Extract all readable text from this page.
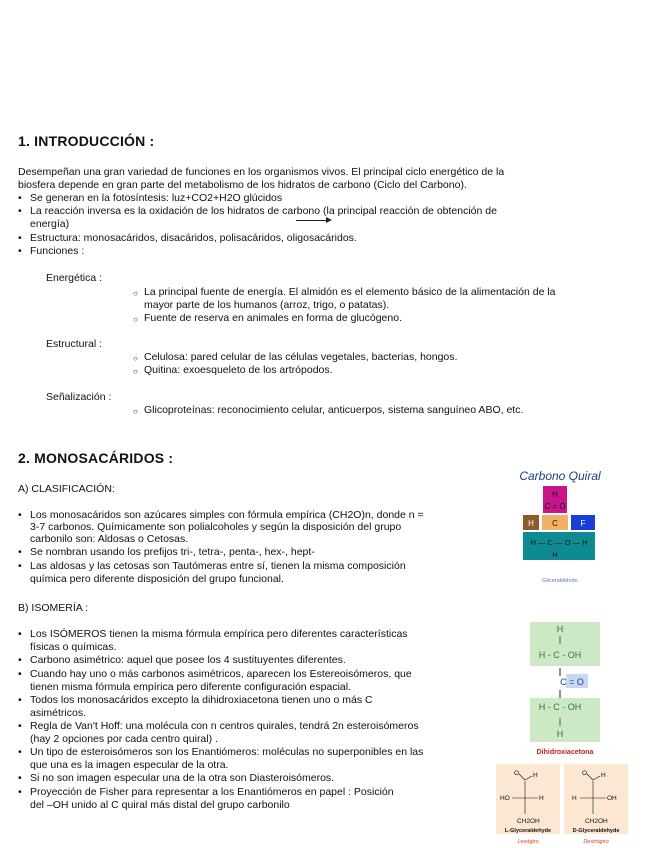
1. INTRODUCCIÓN :
Desempeñan una gran variedad de funciones en los organismos vivos. El principal ciclo energético de la
biosfera depende en gran parte del metabolismo de los hidratos de carbono (Ciclo del Carbono).
• Se generan en la fotosíntesis: luz+CO2+H2O glúcidos
• La reacción inversa es la oxidación de los hidratos de carbono (la principal reacción de obtención de
energía)
• Estructura: monosacáridos, disacáridos, polisacáridos, oligosacáridos.
• Funciones :
Energética :
○ La principal fuente de energía. El almidón es el elemento básico de la alimentación de la
mayor parte de los humanos (arroz, trigo, o patatas).
○ Fuente de reserva en animales en forma de glucógeno.
Estructural :
○ Celulosa: pared celular de las células vegetales, bacterias, hongos.
○ Quitina: exoesqueleto de los artrópodos.
Señalización :
○ Glicoproteínas: reconocimiento celular, anticuerpos, sistema sanguíneo ABO, etc.
2. MONOSACÁRIDOS :
A) CLASIFICACIÓN:
• Los monosacáridos son azúcares simples con fórmula empírica (CH2O)n, donde n =
3-7 carbonos. Químicamente son polialcoholes y según la disposición del grupo
carbonilo son: Aldosas o Cetosas.
• Se nombran usando los prefijos tri-, tetra-, penta-, hex-, hept-
• Las aldosas y las cetosas son Tautómeras entre sí, tienen la misma composición
química pero diferente disposición del grupo funcional.
B) ISOMERÍA :
• Los ISÓMEROS tienen la misma fórmula empírica pero diferentes características
físicas o químicas.
• Carbono asimétrico: aquel que posee los 4 sustituyentes diferentes.
• Cuando hay uno o más carbonos asimétricos, aparecen los Estereoisómeros, que
tienen misma fórmula empírica pero diferente configuración espacial.
• Todos los monosacáridos excepto la dihidroxiacetona tienen uno o más C
asimétricos.
• Regla de Van't Hoff: una molécula con n centros quirales, tendrá 2n esteroisómeros
(hay 2 opciones por cada centro quiral) .
• Un tipo de esteroisómeros son los Enantiómeros: moléculas no superponibles en las
que una es la imagen especular de la otra.
• Si no son imagen especular una de la otra son Diasteroisómeros.
• Proyección de Fisher para representar a los Enantiómeros en papel : Posición
del –OH unido al C quiral más distal del grupo carbonilo
Carbono Quiral
H
C = O
H C	F
H — C — O — H
H
Gliceraldehído
H
H - C - OH
C = O
H - C - OH
H
Dihidroxiacetona
O H
HO	H
CH2OH
L-Glyceraldehyde
O H
H	OH
CH2OH
D-Glyceraldehyde
Levógiro	Dextrógiro
